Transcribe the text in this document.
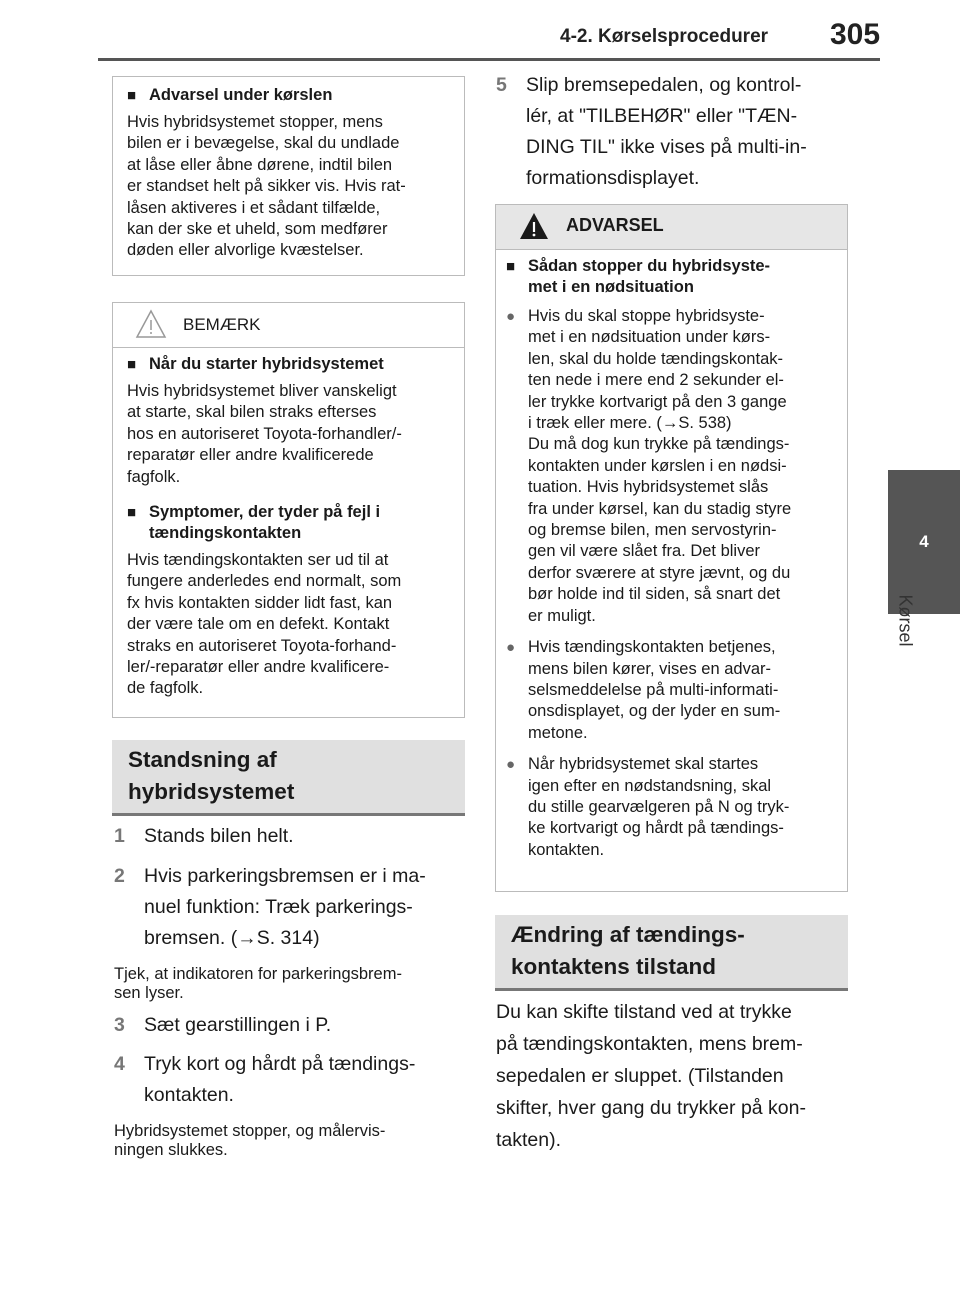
4-2. Kørselsprocedurer 305
4
Kørsel

■ Advarsel under kørslen

Hvis hybridsystemet stopper, mens

bilen er i bevægelse, skal du undlade

at låse eller åbne dørene, indtil bilen

er standset helt på sikker vis. Hvis rat-

låsen aktiveres i et sådant tilfælde,

kan der ske et uheld, som medfører

døden eller alvorlige kvæstelser.

BEMÆRK

■ Når du starter hybridsystemet

Hvis hybridsystemet bliver vanskeligt

at starte, skal bilen straks efterses

hos en autoriseret Toyota-forhandler/-

reparatør eller andre kvalificerede

fagfolk.

■ Symptomer, der tyder på fejl i
tændingskontakten

Hvis tændingskontakten ser ud til at

fungere anderledes end normalt, som

fx hvis kontakten sidder lidt fast, kan

der være tale om en defekt. Kontakt

straks en autoriseret Toyota-forhand-

ler/-reparatør eller andre kvalificere-

de fagfolk.

Standsning af
hybridsystemet
1 Stands bilen helt.
2 Hvis parkeringsbremsen er i ma-
nuel funktion: Træk parkerings-
bremsen. (→S. 314)
Tjek, at indikatoren for parkeringsbrem-
sen lyser.
3 Sæt gearstillingen i P.
4 Tryk kort og hårdt på tændings-
kontakten.
Hybridsystemet stopper, og målervis-
ningen slukkes.
5 Slip bremsepedalen, og kontrol-
lér, at "TILBEHØR" eller "TÆN-
DING TIL" ikke vises på multi-in-
formationsdisplayet.
ADVARSEL
■ Sådan stopper du hybridsyste-
met i en nødsituation
● Hvis du skal stoppe hybridsyste-
met i en nødsituation under kørs-
len, skal du holde tændingskontak-
ten nede i mere end 2 sekunder el-
ler trykke kortvarigt på den 3 gange
i træk eller mere. (→S. 538)
Du må dog kun trykke på tændings-
kontakten under kørslen i en nødsi-
tuation. Hvis hybridsystemet slås
fra under kørsel, kan du stadig styre
og bremse bilen, men servostyrin-
gen vil være slået fra. Det bliver
derfor sværere at styre jævnt, og du
bør holde ind til siden, så snart det
er muligt.
● Hvis tændingskontakten betjenes,
mens bilen kører, vises en advar-
selsmeddelelse på multi-informati-
onsdisplayet, og der lyder en sum-
metone.
● Når hybridsystemet skal startes
igen efter en nødstandsning, skal
du stille gearvælgeren på N og tryk-
ke kortvarigt og hårdt på tændings-
kontakten.
Ændring af tændings-
kontaktens tilstand
Du kan skifte tilstand ved at trykke
på tændingskontakten, mens brem-
sepedalen er sluppet. (Tilstanden
skifter, hver gang du trykker på kon-
takten).
